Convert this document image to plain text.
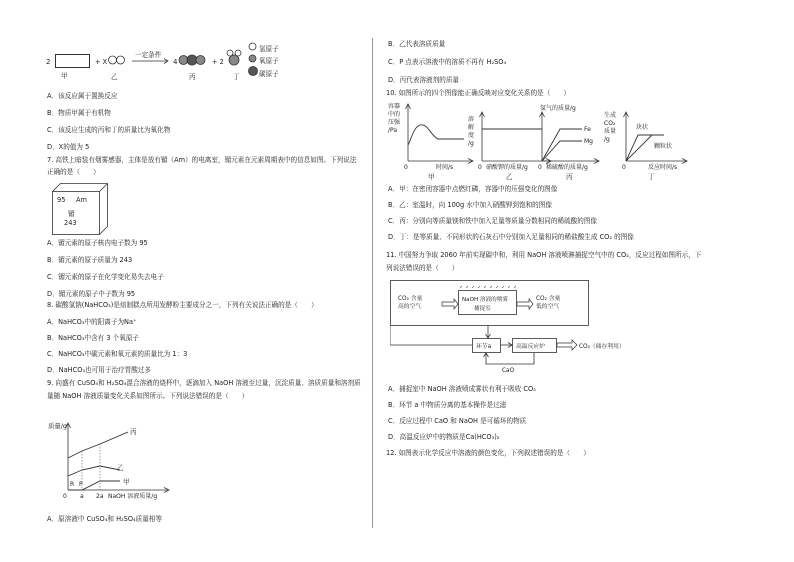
2
甲
+ X
乙
一定条件
4
丙
+ 2
丁
氢原子
氧原子
碳原子
A．该反应属于置换反应
B．物质甲属于有机物
C．该反应生成的丙和丁的质量比为氧化物
D．X的值为 5
7. 高铁上暗装有烟雾感器，主体是放有镅（Am）的电离室，镅元素在元素周期表中的信息如图。下列说法
正确的是（　　）
95 Am
镅
243
A．镅元素的原子核内电子数为 95
B．镅元素的原子质量为 243
C．镅元素的原子在化学变化易失去电子
D．镅元素的原子中子数为 95
8. 碳酸氢钠(NaHCO₃)是焙制糕点所用发酵粉主要成分之一，下列有关说法正确的是（　　）
A．NaHCO₃中的阳离子为Na⁺
B．NaHCO₃中含有 3 个氧原子
C．NaHCO₃中碳元素和氧元素的质量比为 1：3
D．NaHCO₃也可用于治疗胃酸过多
9. 向盛有 CuSO₄和 H₂SO₄混合溶液的烧杯中，逐滴加入 NaOH 溶液至过量，沉淀质量、溶质质量和溶剂质
量随 NaOH 溶液质量变化关系如图所示。下列说法错误的是（　　）
质量/g
丙
乙
甲
R P
0 a 2a NaOH 溶液质量/g
A．原溶液中 CuSO₄和 H₂SO₄质量相等
B．乙代表溶质质量
C．P 点表示溶液中的溶质不再有 H₂SO₄
D．丙代表溶液剂的质量
10. 如图所示的四个图像能正确反映对应变化关系的是（　　）
容器
中的
压强
/Pa
0	时间/s
甲
溶
解
度
/g
0 硝酸钾的质量/g
乙
氢气的质量/g
Fe
Mg
0 稀硫酸的质量/g
丙
生成
CO₂
质量
/g
块状
颗粒状
0	反应时间/s
丁
A．甲：在密闭容器中点燃红磷，容器中的压强变化的图像
B．乙：室温时，向 100g 水中加入硝酸钾到饱和的图像
C．丙：分别向等质量镁和铁中加入足量等质量分数相同的稀硫酸的图像
D．丁：是等质量、不同形状的石灰石中分别加入足量相同的稀盐酸生成 CO₂ 的图像
11. 中国努力争取 2060 年前实现碳中和，利用 NaOH 溶液喷淋捕捉空气中的 CO₂，反应过程如图所示，下
列说法错误的是（　　）
CO₂ 含量
高的空气
NaOH 溶液的喷雾
捕捉室
CO₂ 含量
低的空气
环节a	高温反应炉	CO₂（储存利用）
CaO
A．捕捉室中 NaOH 溶液喷成雾状有利于吸收 CO₂
B．环节 a 中物质分离的基本操作是过滤
C．反应过程中 CaO 和 NaOH 是可循环的物质
D．高温反应炉中的物质是Ca(HCO₃)₂
12. 如图表示化学反应中溶液的颜色变化，下列叙述错误的是（　　）
